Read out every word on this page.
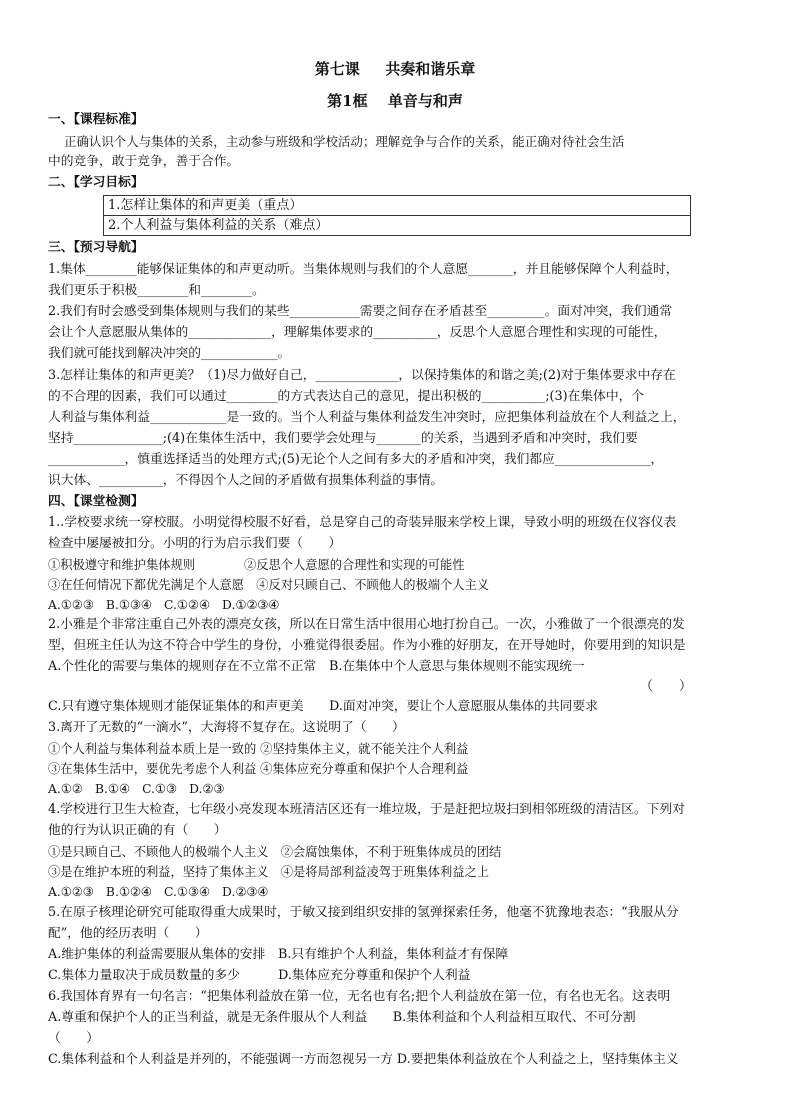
第七课　  共奏和谐乐章
第1框　 单音与和声
一、【课程标准】
正确认识个人与集体的关系，主动参与班级和学校活动；理解竞争与合作的关系，能正确对待社会生活
中的竞争，敢于竞争，善于合作。
二、【学习目标】
1.怎样让集体的和声更美（重点）
2.个人利益与集体利益的关系（难点）
三、【预习导航】
1.集体________能够保证集体的和声更动听。当集体规则与我们的个人意愿_______，并且能够保障个人利益时，
我们更乐于积极________和________。
2.我们有时会感受到集体规则与我们的某些___________需要之间存在矛盾甚至_________。面对冲突，我们通常
会让个人意愿服从集体的_____________，理解集体要求的__________，反思个人意愿合理性和实现的可能性，
我们就可能找到解决冲突的____________。
3.怎样让集体的和声更美？（1)尽力做好自己，_____________，以保持集体的和谐之美;(2)对于集体要求中存在
的不合理的因素，我们可以通过________的方式表达自己的意见，提出积极的__________;(3)在集体中，个
人利益与集体利益____________是一致的。当个人利益与集体利益发生冲突时，应把集体利益放在个人利益之上，
坚持______________;(4)在集体生活中，我们要学会处理与_______的关系，当遇到矛盾和冲突时，我们要
____________，慎重选择适当的处理方式;(5)无论个人之间有多大的矛盾和冲突，我们都应_______________，
识大体、__________，不得因个人之间的矛盾做有损集体利益的事情。
四、【课堂检测】
1..学校要求统一穿校服。小明觉得校服不好看，总是穿自己的奇装异服来学校上课，导致小明的班级在仪容仪表
检查中屡屡被扣分。小明的行为启示我们要（　　）
①积极遵守和维护集体规则　　　　②反思个人意愿的合理性和实现的可能性
③在任何情况下都优先满足个人意愿　④反对只顾自己、不顾他人的极端个人主义
A.①②③　B.①③④　C.①②④　D.①②③④
2.小雅是个非常注重自己外表的漂亮女孩，所以在日常生活中很用心地打扮自己。一次，小雅做了一个很漂亮的发
型，但班主任认为这不符合中学生的身份，小雅觉得很委屈。作为小雅的好朋友，在开导她时，你要用到的知识是
A.个性化的需要与集体的规则存在不立常不正常　B.在集体中个人意思与集体规则不能实现统一
（　　）
C.只有遵守集体规则才能保证集体的和声更美　　D.面对冲突，要让个人意愿服从集体的共同要求
3.离开了无数的“一滴水”，大海将不复存在。这说明了（　　）
①个人利益与集体利益本质上是一致的 ②坚持集体主义，就不能关注个人利益
③在集体生活中，要优先考虑个人利益 ④集体应充分尊重和保护个人合理利益
A.①②　B.①④　C.①③　D.②③
4.学校进行卫生大检查，七年级小亮发现本班清洁区还有一堆垃圾，于是赶把垃圾扫到相邻班级的清洁区。下列对
他的行为认识正确的有（　　）
①是只顾自己、不顾他人的极端个人主义　②会腐蚀集体，不利于班集体成员的团结
③是在维护本班的利益，坚持了集体主义　④是将局部利益凌驾于班集体利益之上
A.①②③　B.①②④　C.①③④　D.②③④
5.在原子核理论研究可能取得重大成果时，于敏又接到组织安排的氢弹探索任务，他毫不犹豫地表态：“我服从分
配”，他的经历表明（　　）
A.维护集体的利益需要服从集体的安排　B.只有维护个人利益，集体利益才有保障
C.集体力量取决于成员数量的多少　　　D.集体应充分尊重和保护个人利益
6.我国体育界有一句名言：“把集体利益放在第一位，无名也有名;把个人利益放在第一位，有名也无名。这表明
A.尊重和保护个人的正当利益，就是无条件服从个人利益　　B.集体利益和个人利益相互取代、不可分割
（　　）
C.集体利益和个人利益是并列的，不能强调一方而忽视另一方 D.要把集体利益放在个人利益之上，坚持集体主义
